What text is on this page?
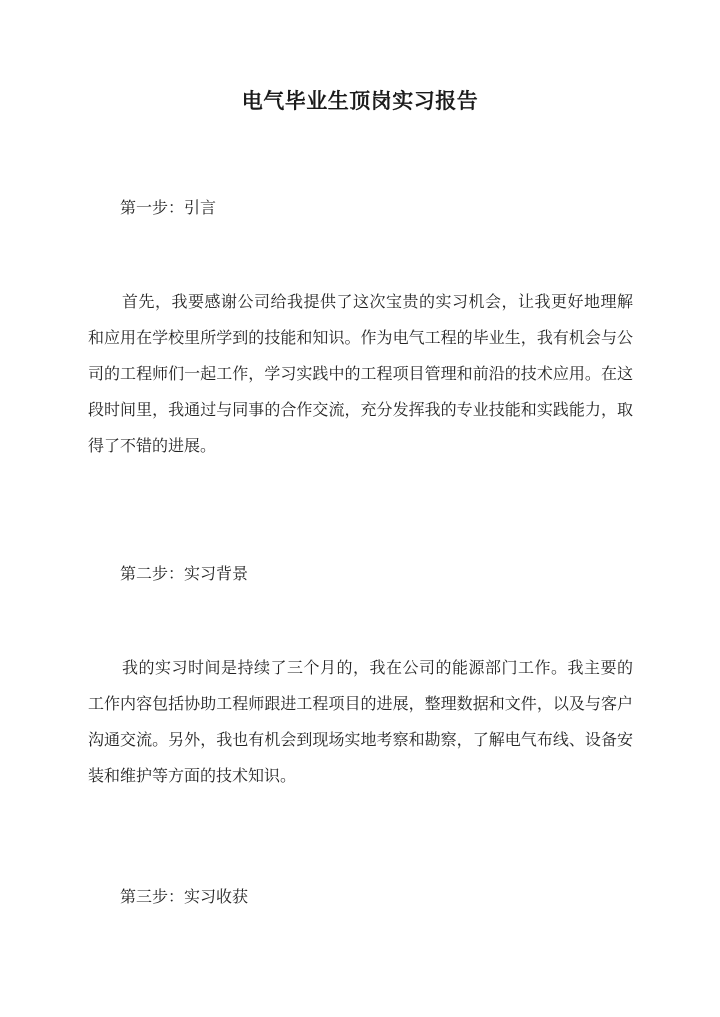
电气毕业生顶岗实习报告
第一步：引言
首先，我要感谢公司给我提供了这次宝贵的实习机会，让我更好地理解和应用在学校里所学到的技能和知识。作为电气工程的毕业生，我有机会与公司的工程师们一起工作，学习实践中的工程项目管理和前沿的技术应用。在这段时间里，我通过与同事的合作交流，充分发挥我的专业技能和实践能力，取得了不错的进展。
第二步：实习背景
我的实习时间是持续了三个月的，我在公司的能源部门工作。我主要的工作内容包括协助工程师跟进工程项目的进展，整理数据和文件，以及与客户沟通交流。另外，我也有机会到现场实地考察和勘察，了解电气布线、设备安装和维护等方面的技术知识。
第三步：实习收获
